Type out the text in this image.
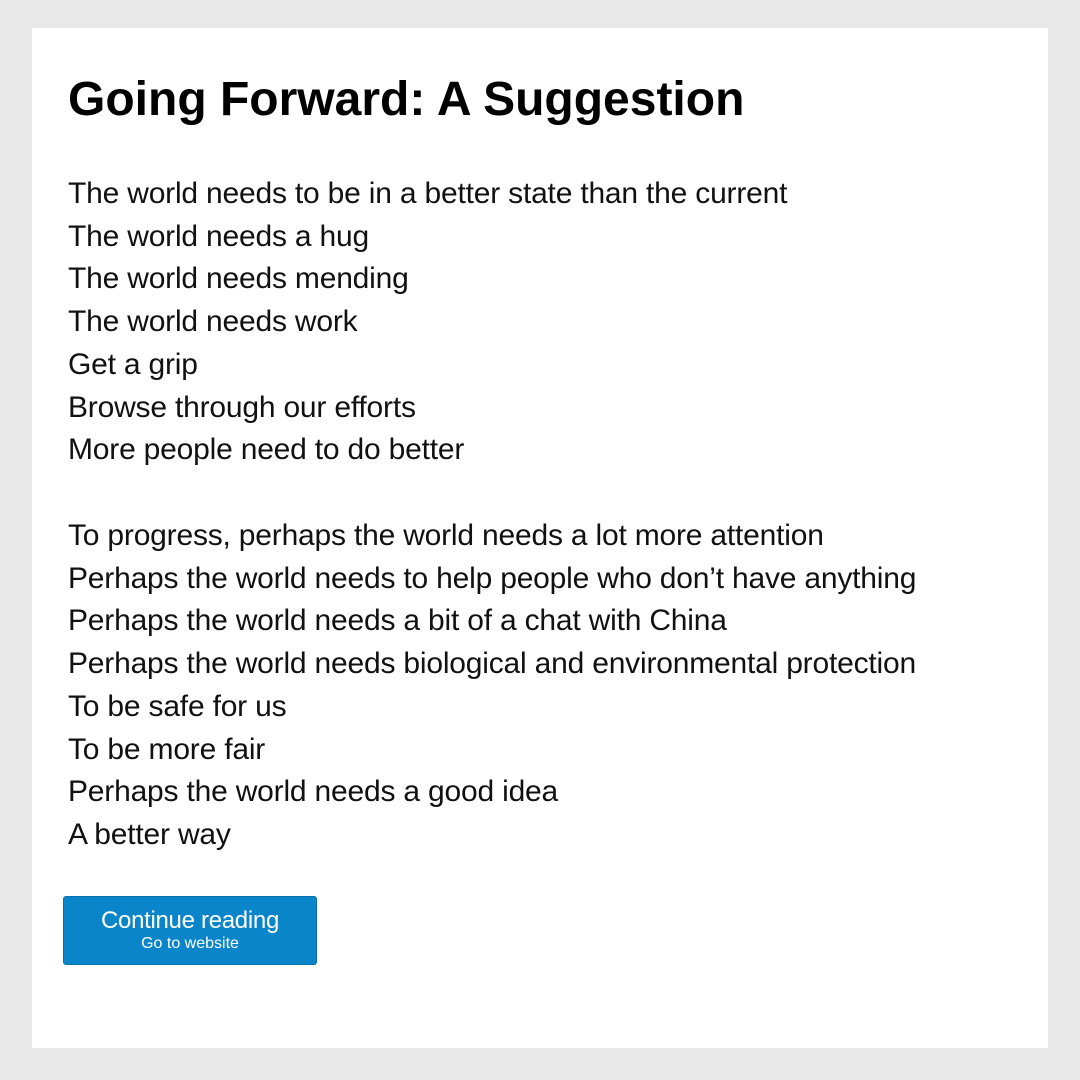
Going Forward: A Suggestion
The world needs to be in a better state than the current
The world needs a hug
The world needs mending
The world needs work
Get a grip
Browse through our efforts
More people need to do better
To progress, perhaps the world needs a lot more attention
Perhaps the world needs to help people who don’t have anything
Perhaps the world needs a bit of a chat with China
Perhaps the world needs biological and environmental protection
To be safe for us
To be more fair
Perhaps the world needs a good idea
A better way
Continue reading
Go to website
